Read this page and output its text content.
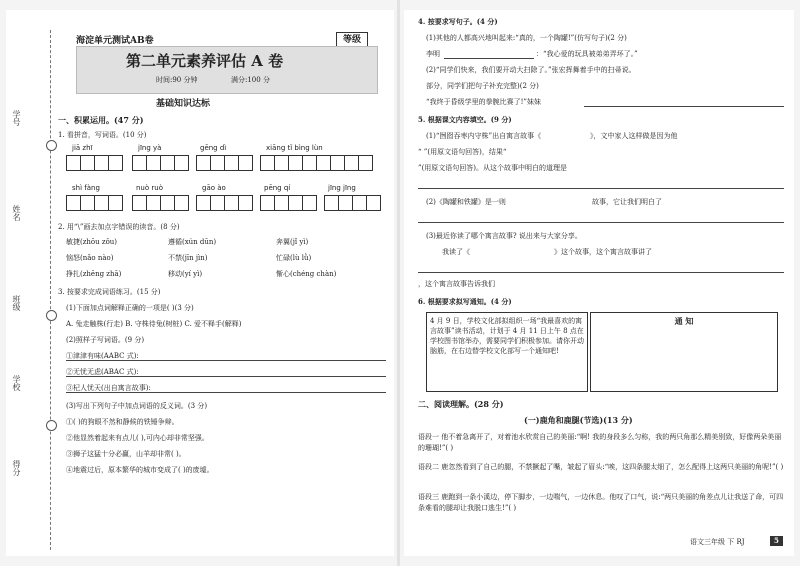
学号
姓名
班级
学校
得分
海淀单元测试AB卷	等级
第二单元素养评估 A 卷
时间:90 分钟	满分:100 分
基础知识达标
一、积累运用。(47 分)
1. 看拼音，写词语。(10 分)
jiā zhī	jīng yà	gēng dì	xiāng tǐ bìng lùn
shì fàng	nuò ruò	gāo ào	pēng qí	jīng jīng
2. 用“\”画去加点字错误的读音。(8 分)
敏捷(zhōu zǒu)	遵循(xún dūn)	奔翼(jǐ yì)
恼怒(nǎo nào)	不禁(jīn jìn)	忙碌(lù lǜ)
挣扎(zhēng zhā)	移动(yí yì)	惭心(chéng chàn)
3. 按要求完成词语练习。(15 分)
(1)下面加点词解释正确的一项是( )(3 分)
A. 兔走触株(行走) B. 守株待兔(树桩) C. 爱不释手(解释)
(2)照样子写词语。(9 分)
①津津有味(AABC 式):
②无忧无虑(ABAC 式):
③杞人忧天(出自寓言故事):
(3)写出下列句子中加点词语的反义词。(3 分)
①( )的狗眼不然和静候的铁锤争辩。
②他显然着起来有点儿( ),可内心却非常坚强。
③狮子这猛十分必赢，山羊却非常( )。
④地震过后，原本繁华的城市变成了( )的废墟。
4. 按要求写句子。(4 分)
(1)其他的人都高兴地叫起来:“真的，一个陶罐!”(仿写句子)(2 分)
李明	：“我心爱的玩具被弟弟弄坏了。”
(2)“同学们快来，我们要开动大扫除了。”张宏挥舞着手中的扫帚说。
部分，同学们把句子补充完整)(2 分)
“我终于昏级学里的拳腕比赛了!”妹妹
5. 根据课文内容填空。(9 分)
(1)“囫囵吞枣内守株”出自寓言故事《	》，文中家人这样做是因为他
“ ”(用原文语句回答)，结果“
”(用原文语句回答)。从这个故事中明白的道理是
(2)《陶罐和铁罐》是一则	故事，它让我们明白了
(3)最近你读了哪个寓言故事? 说出来与大家分享。
我读了《	》这个故事，这个寓言故事讲了
，这个寓言故事告诉我们
6. 根据要求拟写通知。(4 分)
4 月 9 日，学校文化部拟组织一场“我最喜欢的寓言故事”读书活动，计划于 4 月 11 日上午 8 点在学校图书馆举办，需要同学们积极参加。请你开动脑筋，在右边替学校文化部写一个通知吧!
通 知
二、阅读理解。(28 分)
(一)鹿角和鹿腿(节选)(13 分)
语段一 他不着急离开了，对着池水欣赏自己的美丽:“啊! 我的身段多么匀称，我的两只角那么精美别致，好像两朵美丽的珊瑚!”( )
语段二 鹿忽然看到了自己的腿，不禁撅起了嘴，皱起了眉头:“唉，这四条腿太细了，怎么配得上这两只美丽的角呢!”( )
语段三 鹿跑到一条小溪边，停下脚步，一边喘气，一边休息。他叹了口气，说:“两只美丽的角差点儿让我送了命，可四条难看的腿却让我脱口逃生!”( )
语文三年级 下 RJ	5
